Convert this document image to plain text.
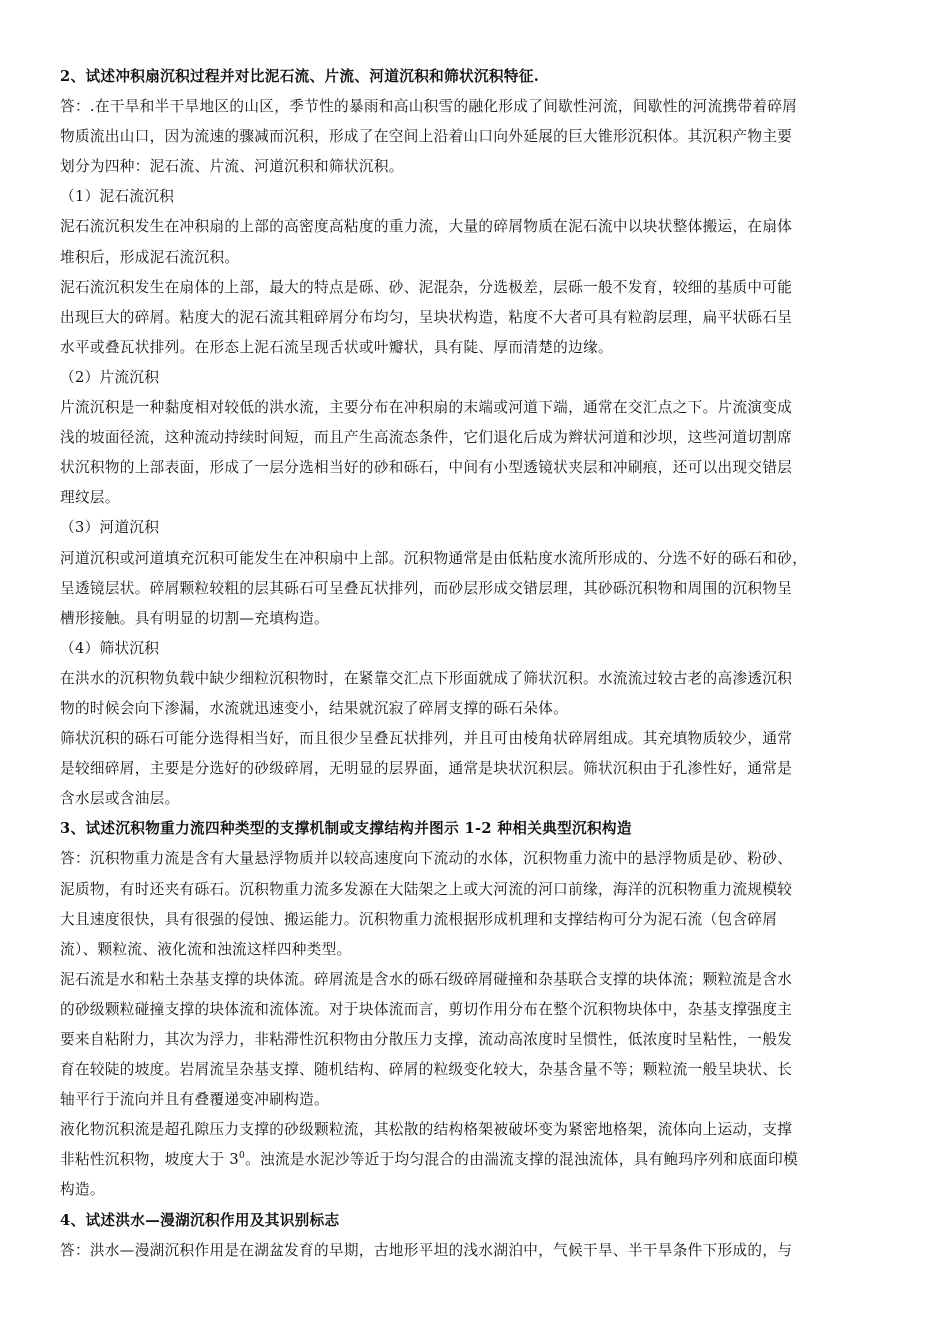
2、试述冲积扇沉积过程并对比泥石流、片流、河道沉积和筛状沉积特征.
答：.在干旱和半干旱地区的山区，季节性的暴雨和高山积雪的融化形成了间歇性河流，间歇性的河流携带着碎屑
物质流出山口，因为流速的骤减而沉积，形成了在空间上沿着山口向外延展的巨大锥形沉积体。其沉积产物主要
划分为四种：泥石流、片流、河道沉积和筛状沉积。
（1）泥石流沉积
泥石流沉积发生在冲积扇的上部的高密度高粘度的重力流，大量的碎屑物质在泥石流中以块状整体搬运，在扇体
堆积后，形成泥石流沉积。
泥石流沉积发生在扇体的上部，最大的特点是砾、砂、泥混杂，分选极差，层砾一般不发育，较细的基质中可能
出现巨大的碎屑。粘度大的泥石流其粗碎屑分布均匀，呈块状构造，粘度不大者可具有粒韵层理，扁平状砾石呈
水平或叠瓦状排列。在形态上泥石流呈现舌状或叶瓣状，具有陡、厚而清楚的边缘。
（2）片流沉积
片流沉积是一种黏度相对较低的洪水流，主要分布在冲积扇的末端或河道下端，通常在交汇点之下。片流演变成
浅的坡面径流，这种流动持续时间短，而且产生高流态条件，它们退化后成为辫状河道和沙坝，这些河道切割席
状沉积物的上部表面，形成了一层分选相当好的砂和砾石，中间有小型透镜状夹层和冲刷痕，还可以出现交错层
理纹层。
（3）河道沉积
河道沉积或河道填充沉积可能发生在冲积扇中上部。沉积物通常是由低粘度水流所形成的、分选不好的砾石和砂，
呈透镜层状。碎屑颗粒较粗的层其砾石可呈叠瓦状排列，而砂层形成交错层理，其砂砾沉积物和周围的沉积物呈
槽形接触。具有明显的切割—充填构造。
（4）筛状沉积
在洪水的沉积物负载中缺少细粒沉积物时，在紧靠交汇点下形面就成了筛状沉积。水流流过较古老的高渗透沉积
物的时候会向下渗漏，水流就迅速变小，结果就沉寂了碎屑支撑的砾石朵体。
筛状沉积的砾石可能分选得相当好，而且很少呈叠瓦状排列，并且可由棱角状碎屑组成。其充填物质较少，通常
是较细碎屑，主要是分选好的砂级碎屑，无明显的层界面，通常是块状沉积层。筛状沉积由于孔渗性好，通常是
含水层或含油层。
3、试述沉积物重力流四种类型的支撑机制或支撑结构并图示 1-2 种相关典型沉积构造
答：沉积物重力流是含有大量悬浮物质并以较高速度向下流动的水体，沉积物重力流中的悬浮物质是砂、粉砂、
泥质物，有时还夹有砾石。沉积物重力流多发源在大陆架之上或大河流的河口前缘，海洋的沉积物重力流规模较
大且速度很快，具有很强的侵蚀、搬运能力。沉积物重力流根据形成机理和支撑结构可分为泥石流（包含碎屑
流）、颗粒流、液化流和浊流这样四种类型。
泥石流是水和粘土杂基支撑的块体流。碎屑流是含水的砾石级碎屑碰撞和杂基联合支撑的块体流；颗粒流是含水
的砂级颗粒碰撞支撑的块体流和流体流。对于块体流而言，剪切作用分布在整个沉积物块体中，杂基支撑强度主
要来自粘附力，其次为浮力，非粘滞性沉积物由分散压力支撑，流动高浓度时呈惯性，低浓度时呈粘性，一般发
育在较陡的坡度。岩屑流呈杂基支撑、随机结构、碎屑的粒级变化较大，杂基含量不等；颗粒流一般呈块状、长
轴平行于流向并且有叠覆递变冲刷构造。
液化物沉积流是超孔隙压力支撑的砂级颗粒流，其松散的结构格架被破坏变为紧密地格架，流体向上运动，支撑
非粘性沉积物，坡度大于 $3^0$。浊流是水泥沙等近于均匀混合的由湍流支撑的混浊流体，具有鲍玛序列和底面印模
构造。
4、试述洪水—漫湖沉积作用及其识别标志
答：洪水—漫湖沉积作用是在湖盆发育的早期，古地形平坦的浅水湖泊中，气候干旱、半干旱条件下形成的，与
